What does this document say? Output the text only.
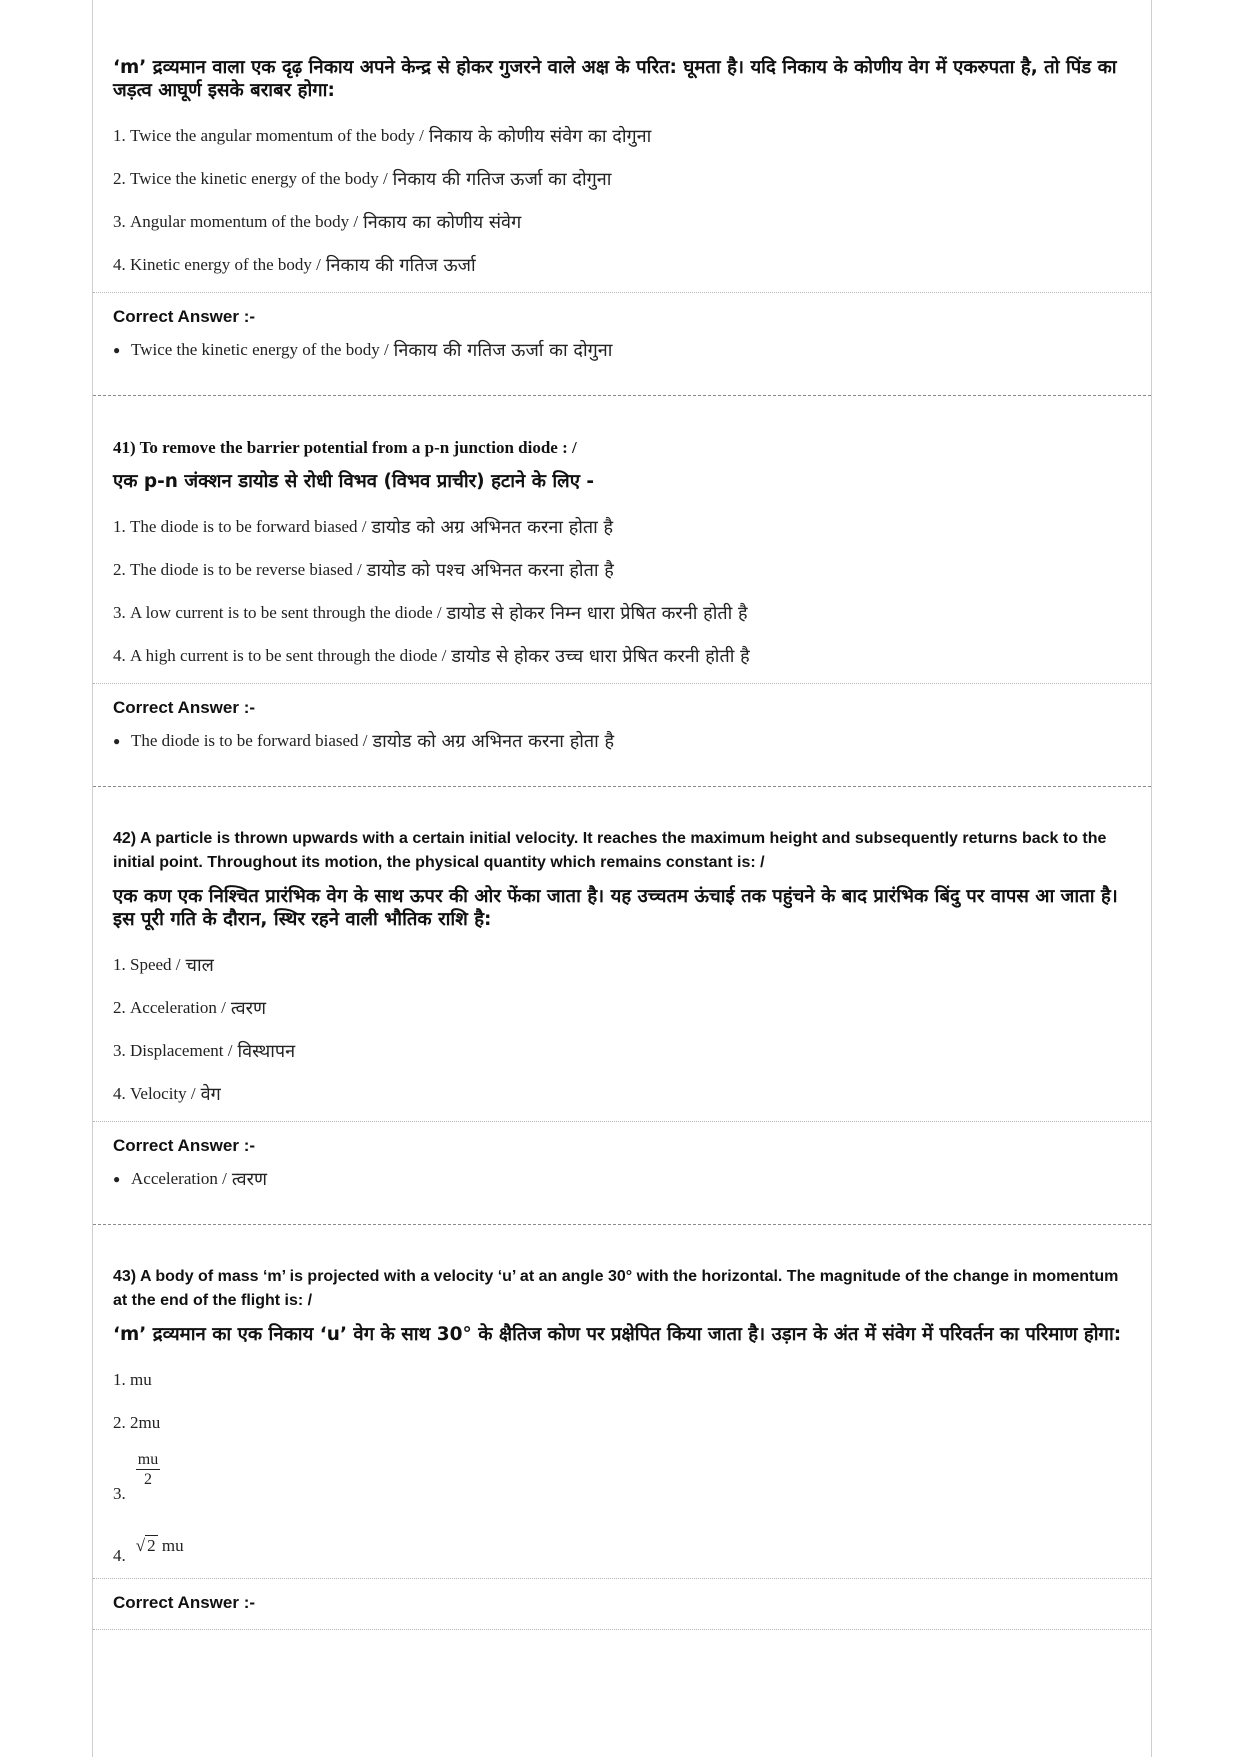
‘m’ द्रव्यमान वाला एक दृढ़ निकाय अपने केन्द्र से होकर गुजरने वाले अक्ष के परित: घूमता है। यदि निकाय के कोणीय वेग में एकरुपता है, तो पिंड का जड़त्व आघूर्ण इसके बराबर होगा:

1.
Twice the angular momentum of the body / निकाय के कोणीय संवेग का दोगुना
2.
Twice the kinetic energy of the body / निकाय की गतिज ऊर्जा का दोगुना
3.
Angular momentum of the body / निकाय का कोणीय संवेग
4.
Kinetic energy of the body / निकाय की गतिज ऊर्जा
Correct Answer :-
● Twice the kinetic energy of the body / निकाय की गतिज ऊर्जा का दोगुना

41) To remove the barrier potential from a p-n junction diode : /

एक p-n जंक्शन डायोड से रोधी विभव (विभव प्राचीर) हटाने के लिए -

1.
The diode is to be forward biased / डायोड को अग्र अभिनत करना होता है
2.
The diode is to be reverse biased / डायोड को पश्च अभिनत करना होता है
3.
A low current is to be sent through the diode / डायोड से होकर निम्न धारा प्रेषित करनी होती है
4.
A high current is to be sent through the diode / डायोड से होकर उच्च धारा प्रेषित करनी होती है
Correct Answer :-
● The diode is to be forward biased / डायोड को अग्र अभिनत करना होता है

42) A particle is thrown upwards with a certain initial velocity. It reaches the maximum height and subsequently returns back to the initial point. Throughout its motion, the physical quantity which remains constant is: /

एक कण एक निश्चित प्रारंभिक वेग के साथ ऊपर की ओर फेंका जाता है। यह उच्चतम ऊंचाई तक पहुंचने के बाद प्रारंभिक बिंदु पर वापस आ जाता है। इस पूरी गति के दौरान, स्थिर रहने वाली भौतिक राशि है:

1.
Speed / चाल
2.
Acceleration / त्वरण
3.
Displacement / विस्थापन
4.
Velocity / वेग
Correct Answer :-
● Acceleration / त्वरण

43) A body of mass ‘m’ is projected with a velocity ‘u’ at an angle 30° with the horizontal. The magnitude of the change in momentum at the end of the flight is: /

‘m’ द्रव्यमान का एक निकाय ‘u’ वेग के साथ 30° के क्षैतिज कोण पर प्रक्षेपित किया जाता है। उड़ान के अंत में संवेग में परिवर्तन का परिमाण होगा:

1.
mu
2.
2mu
3.
$\frac{mu}{2}$
4.
√ 2 mu
Correct Answer :-
